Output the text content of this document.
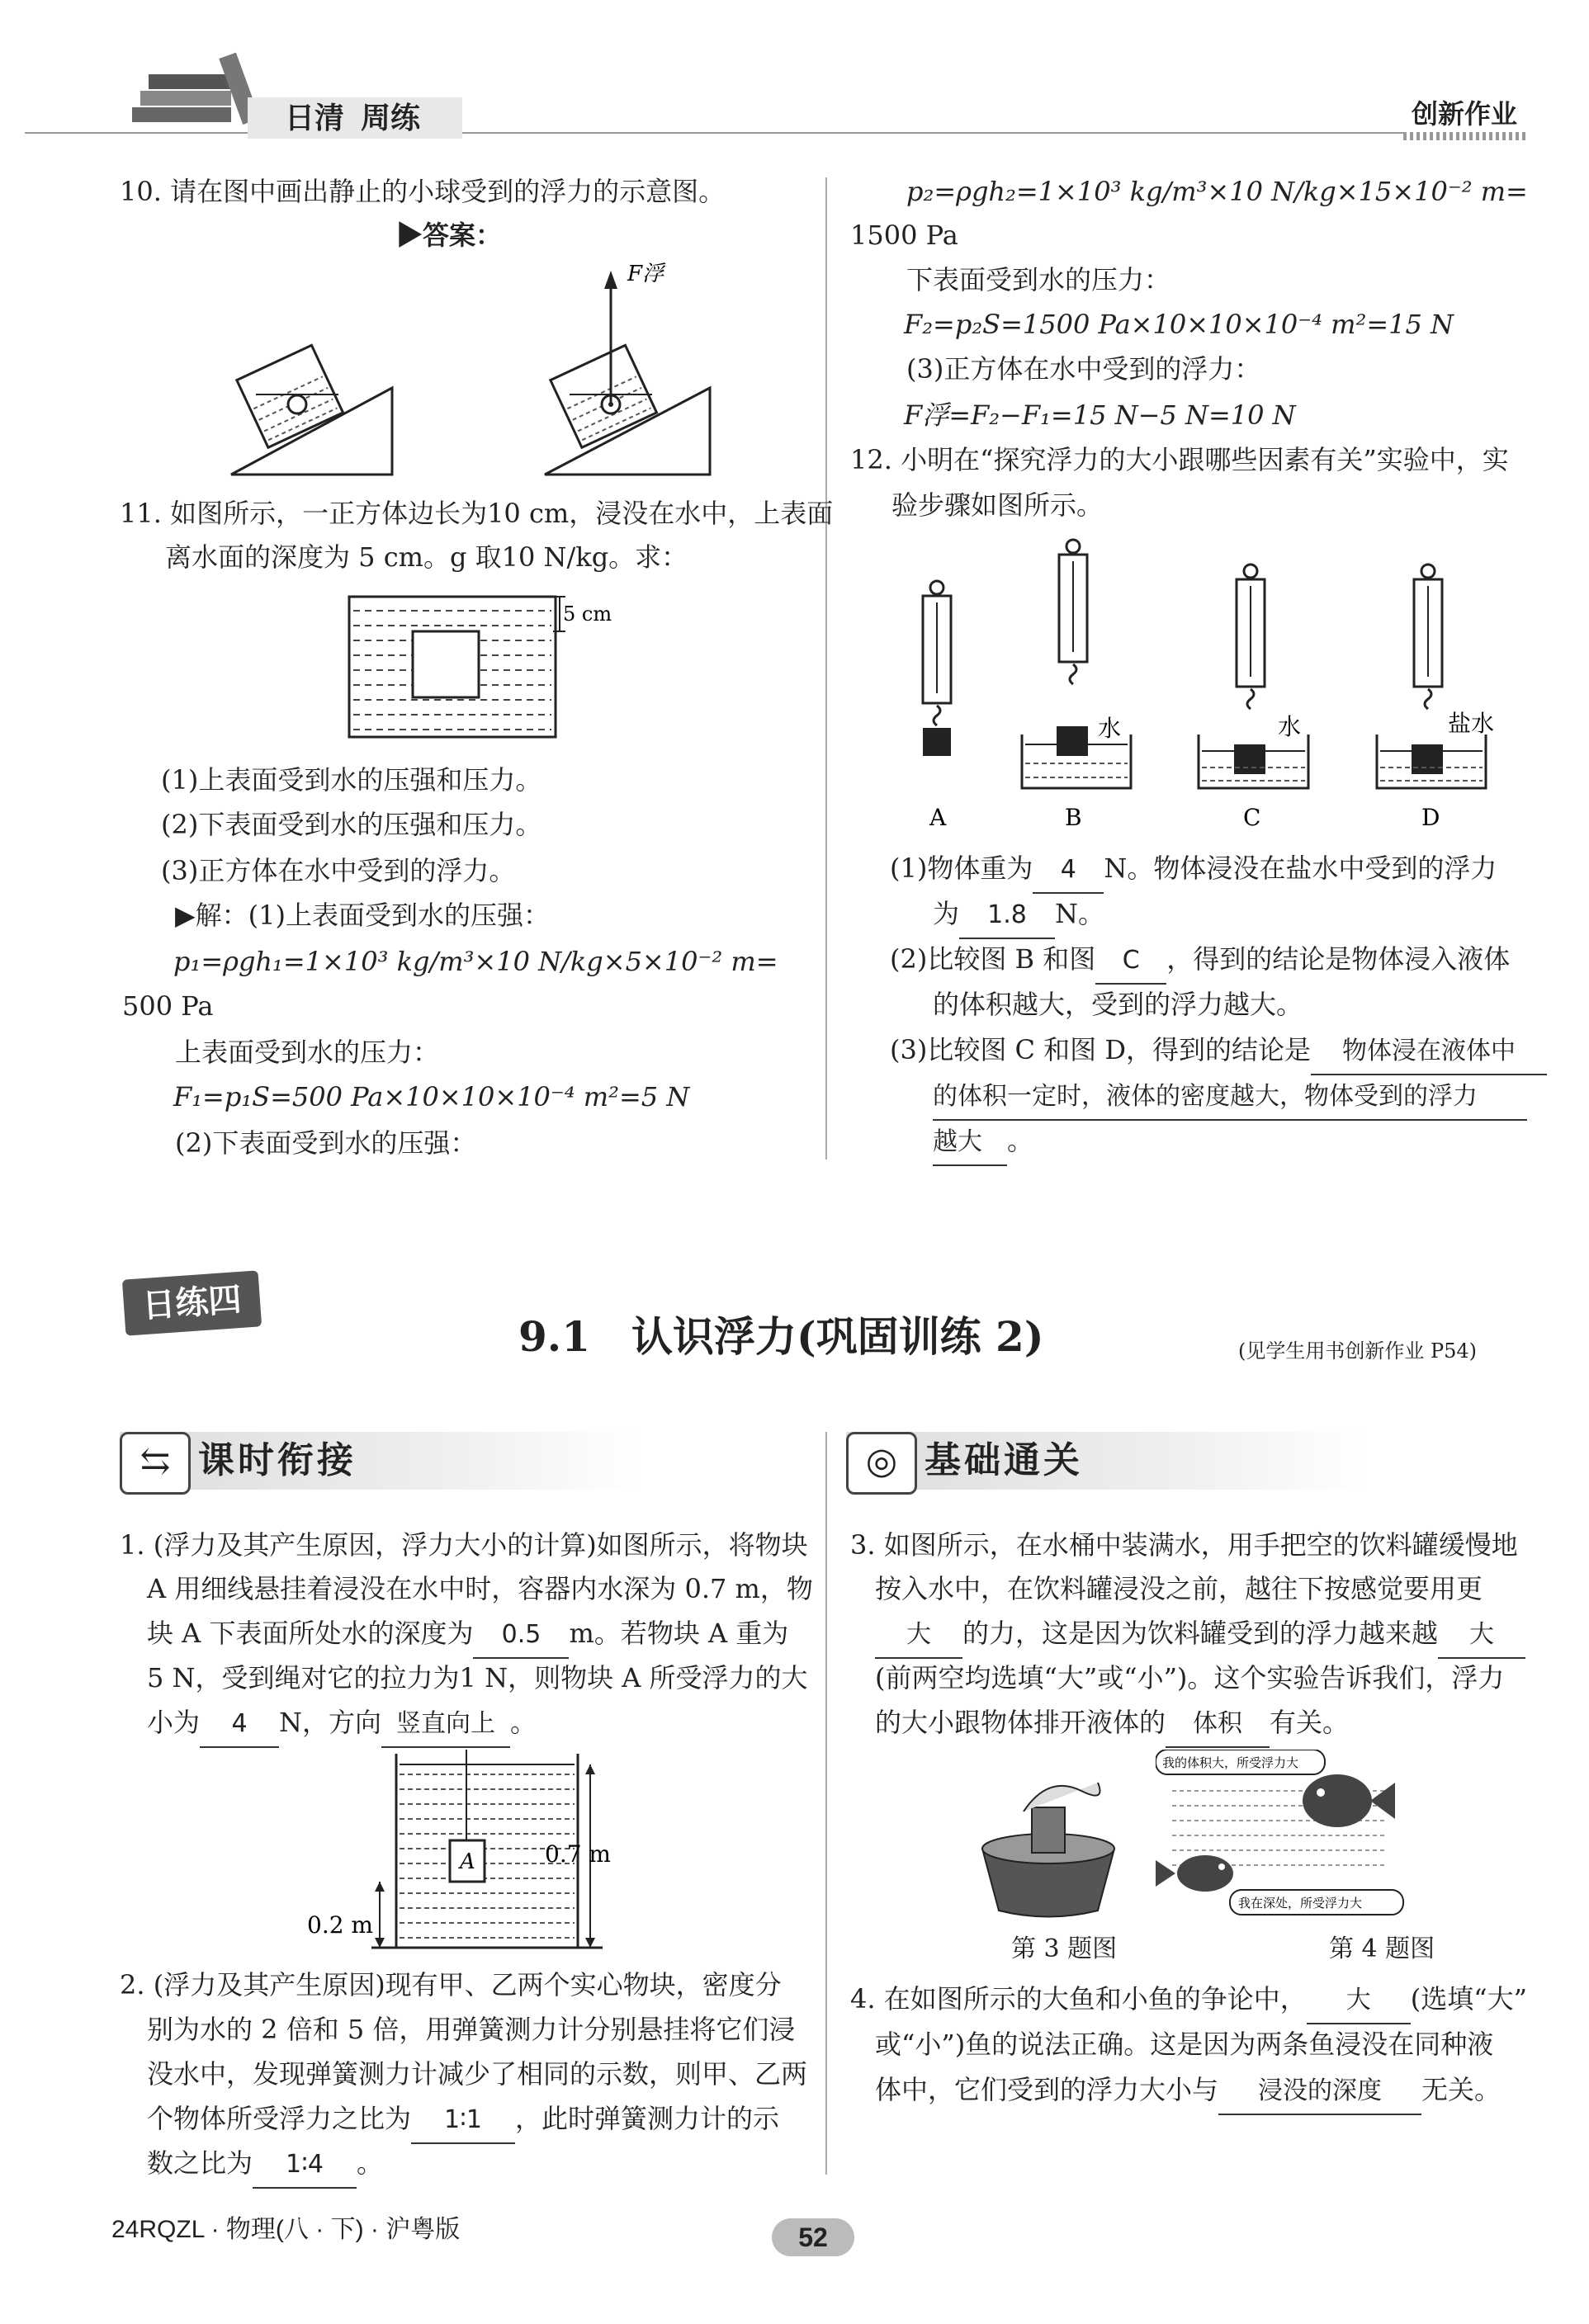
日清  周练	创新作业
10. 请在图中画出静止的小球受到的浮力的示意图。
▶答案：
F浮
11. 如图所示，一正方体边长为10 cm，浸没在水中，上表面
离水面的深度为 5 cm。g 取10 N/kg。求：
5 cm
(1)上表面受到水的压强和压力。
(2)下表面受到水的压强和压力。
(3)正方体在水中受到的浮力。
▶解：(1)上表面受到水的压强：
p₁=ρgh₁=1×10³ kg/m³×10 N/kg×5×10⁻² m=
500 Pa
上表面受到水的压力：
F₁=p₁S=500 Pa×10×10×10⁻⁴ m²=5 N
(2)下表面受到水的压强：
p₂=ρgh₂=1×10³ kg/m³×10 N/kg×15×10⁻² m=
1500 Pa
下表面受到水的压力：
F₂=p₂S=1500 Pa×10×10×10⁻⁴ m²=15 N
(3)正方体在水中受到的浮力：
F浮=F₂−F₁=15 N−5 N=10 N
12. 小明在“探究浮力的大小跟哪些因素有关”实验中，实
验步骤如图所示。
A
水
B
水
C
盐水
D
(1)物体重为 4 N。物体浸没在盐水中受到的浮力
为 1.8 N。
(2)比较图 B 和图 C ，得到的结论是物体浸入液体
的体积越大，受到的浮力越大。
(3)比较图 C 和图 D，得到的结论是 物体浸在液体中
的体积一定时，液体的密度越大，物体受到的浮力
越大 。
日练四
9.1　认识浮力(巩固训练 2)	(见学生用书创新作业 P54)
⇆ 课时衔接	◎ 基础通关
1. (浮力及其产生原因，浮力大小的计算)如图所示，将物块
A 用细线悬挂着浸没在水中时，容器内水深为 0.7 m，物
块 A 下表面所处水的深度为 0.5 m。若物块 A 重为
5 N，受到绳对它的拉力为1 N，则物块 A 所受浮力的大
小为 4 N，方向 竖直向上 。
A	0.7 m
0.2 m
2. (浮力及其产生原因)现有甲、乙两个实心物块，密度分
别为水的 2 倍和 5 倍，用弹簧测力计分别悬挂将它们浸
没水中，发现弹簧测力计减少了相同的示数，则甲、乙两
个物体所受浮力之比为 1∶1 ，此时弹簧测力计的示
数之比为 1∶4 。
3. 如图所示，在水桶中装满水，用手把空的饮料罐缓慢地
按入水中，在饮料罐浸没之前，越往下按感觉要用更
大 的力，这是因为饮料罐受到的浮力越来越 大
(前两空均选填“大”或“小”)。这个实验告诉我们，浮力
的大小跟物体排开液体的 体积 有关。
第 3 题图
我的体积大，所受浮力大
我在深处，所受浮力大
第 4 题图
4. 在如图所示的大鱼和小鱼的争论中， 大 (选填“大”
或“小”)鱼的说法正确。这是因为两条鱼浸没在同种液
体中，它们受到的浮力大小与 浸没的深度 无关。
24RQZL · 物理(八 · 下) · 沪粤版	52
